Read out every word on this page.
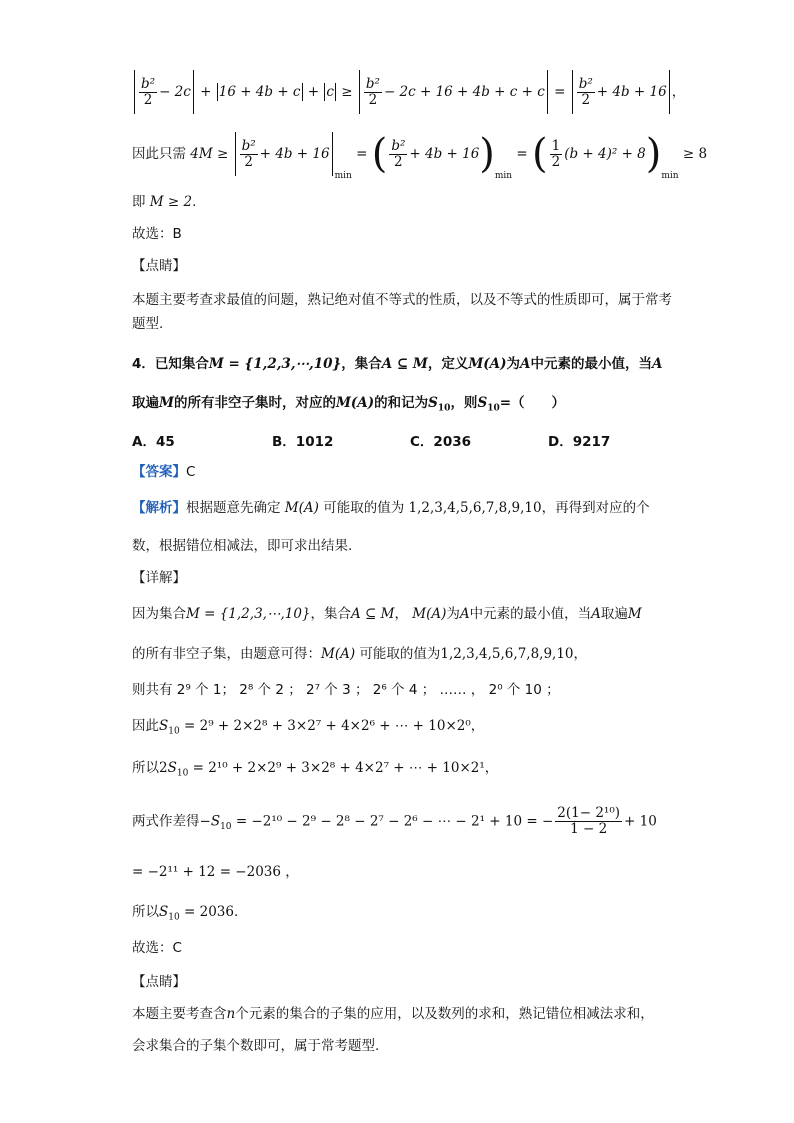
$\frac{\text{b²}}{2} - 2c + 16 + 4b + c + c \ge \frac{\text{b²}}{2} - 2c + 16 + 4b + c + c = \frac{\text{b²}}{2} + 4b + 16$ ，
因此只需 $4M \ge \frac{\text{b²}}{2} + 4b + 16_{min}$ = ( $\frac{\text{b²}}{2} + 4b + 16)_{min}$ = ( $\frac{1}{2} (b + 4)^2 + 8)_{min} \ge 8$
即 M ≥ 2.
故选：B
【点睛】
本题主要考查求最值的问题，熟记绝对值不等式的性质，以及不等式的性质即可，属于常考题型.
4．已知集合M = {1,2,3,⋯,10}，集合A ⊆ M，定义M(A)为A中元素的最小值，当A
取遍M的所有非空子集时，对应的M(A)的和记为$S_{10}$，则$S_{10}=$（　　）
A．45	B．1012	C．2036	D．9217
【答案】C
【解析】根据题意先确定 M(A) 可能取的值为 1,2,3,4,5,6,7,8,9,10，再得到对应的个
数，根据错位相减法，即可求出结果.
【详解】
因为集合M = {1,2,3,⋯,10}，集合A ⊆ M， M(A)为A中元素的最小值，当A取遍M
的所有非空子集，由题意可得：M(A) 可能取的值为1,2,3,4,5,6,7,8,9,10，
则共有 2⁹ 个 1； 2⁸ 个 2 ； 2⁷ 个 3 ； 2⁶ 个 4 ； …… ， 2⁰ 个 10 ；
因此$S_{10} = 2^9 + 2\times 2^8 + 3\times 2^7 + 4\times 2^6$ + ⋯ + 10×2⁰，
所以$2S_{10} = 2^{10} + 2\times 2^9 + 3\times 2^8 + 4\times 2^7$ + ⋯ + 10×2¹，
两式作差得$-S_{10} = -2^{10} - 2^9 - 2^8 - 2^7 - 2^6$ − ⋯ − 2¹ + 10 = − $\frac{\text{2(1− 2¹⁰)}}{1 - 2} + 10$
= −2¹¹ + 12 = −2036 ，
所以$S_{10} = 2036$.
故选：C
【点睛】
本题主要考查含n个元素的集合的子集的应用，以及数列的求和，熟记错位相减法求和，
会求集合的子集个数即可，属于常考题型.
